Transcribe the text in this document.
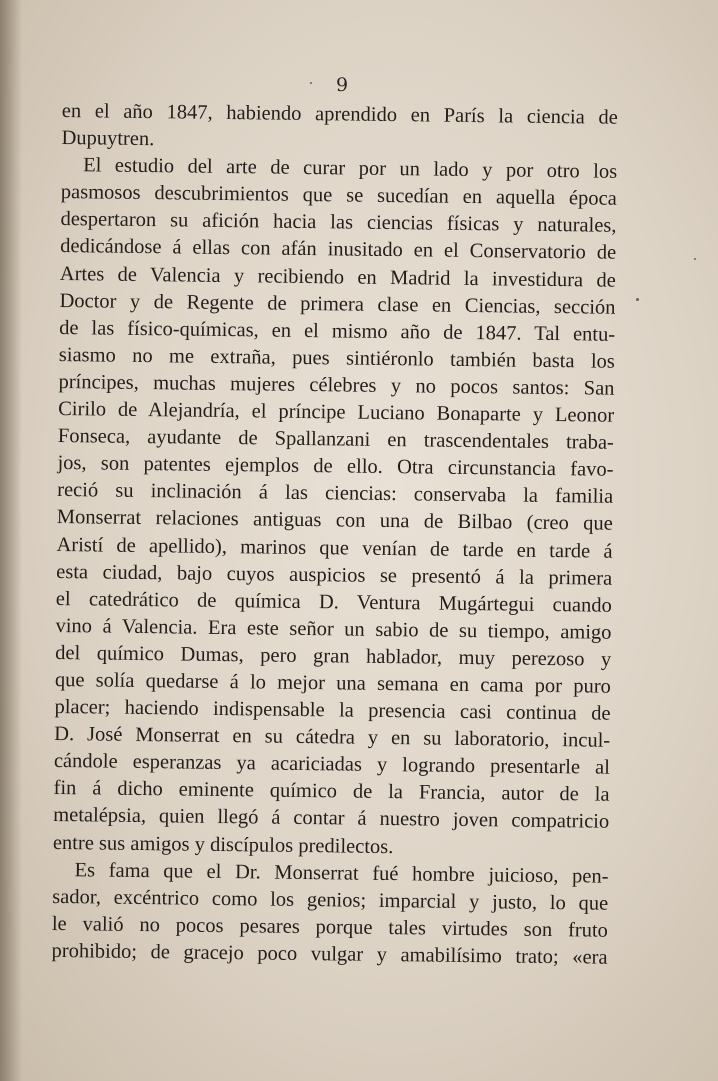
9
en el año 1847, habiendo aprendido en París la ciencia de
Dupuytren.
El estudio del arte de curar por un lado y por otro los
pasmosos descubrimientos que se sucedían en aquella época
despertaron su afición hacia las ciencias físicas y naturales,
dedicándose á ellas con afán inusitado en el Conservatorio de
Artes de Valencia y recibiendo en Madrid la investidura de
Doctor y de Regente de primera clase en Ciencias, sección
de las físico-químicas, en el mismo año de 1847. Tal entu-
siasmo no me extraña, pues sintiéronlo también basta los
príncipes, muchas mujeres célebres y no pocos santos: San
Cirilo de Alejandría, el príncipe Luciano Bonaparte y Leonor
Fonseca, ayudante de Spallanzani en trascendentales traba-
jos, son patentes ejemplos de ello. Otra circunstancia favo-
reció su inclinación á las ciencias: conservaba la familia
Monserrat relaciones antiguas con una de Bilbao (creo que
Aristí de apellido), marinos que venían de tarde en tarde á
esta ciudad, bajo cuyos auspicios se presentó á la primera
el catedrático de química D. Ventura Mugártegui cuando
vino á Valencia. Era este señor un sabio de su tiempo, amigo
del químico Dumas, pero gran hablador, muy perezoso y
que solía quedarse á lo mejor una semana en cama por puro
placer; haciendo indispensable la presencia casi continua de
D. José Monserrat en su cátedra y en su laboratorio, incul-
cándole esperanzas ya acariciadas y logrando presentarle al
fin á dicho eminente químico de la Francia, autor de la
metalépsia, quien llegó á contar á nuestro joven compatricio
entre sus amigos y discípulos predilectos.
Es fama que el Dr. Monserrat fué hombre juicioso, pen-
sador, excéntrico como los genios; imparcial y justo, lo que
le valió no pocos pesares porque tales virtudes son fruto
prohibido; de gracejo poco vulgar y amabilísimo trato; «era
